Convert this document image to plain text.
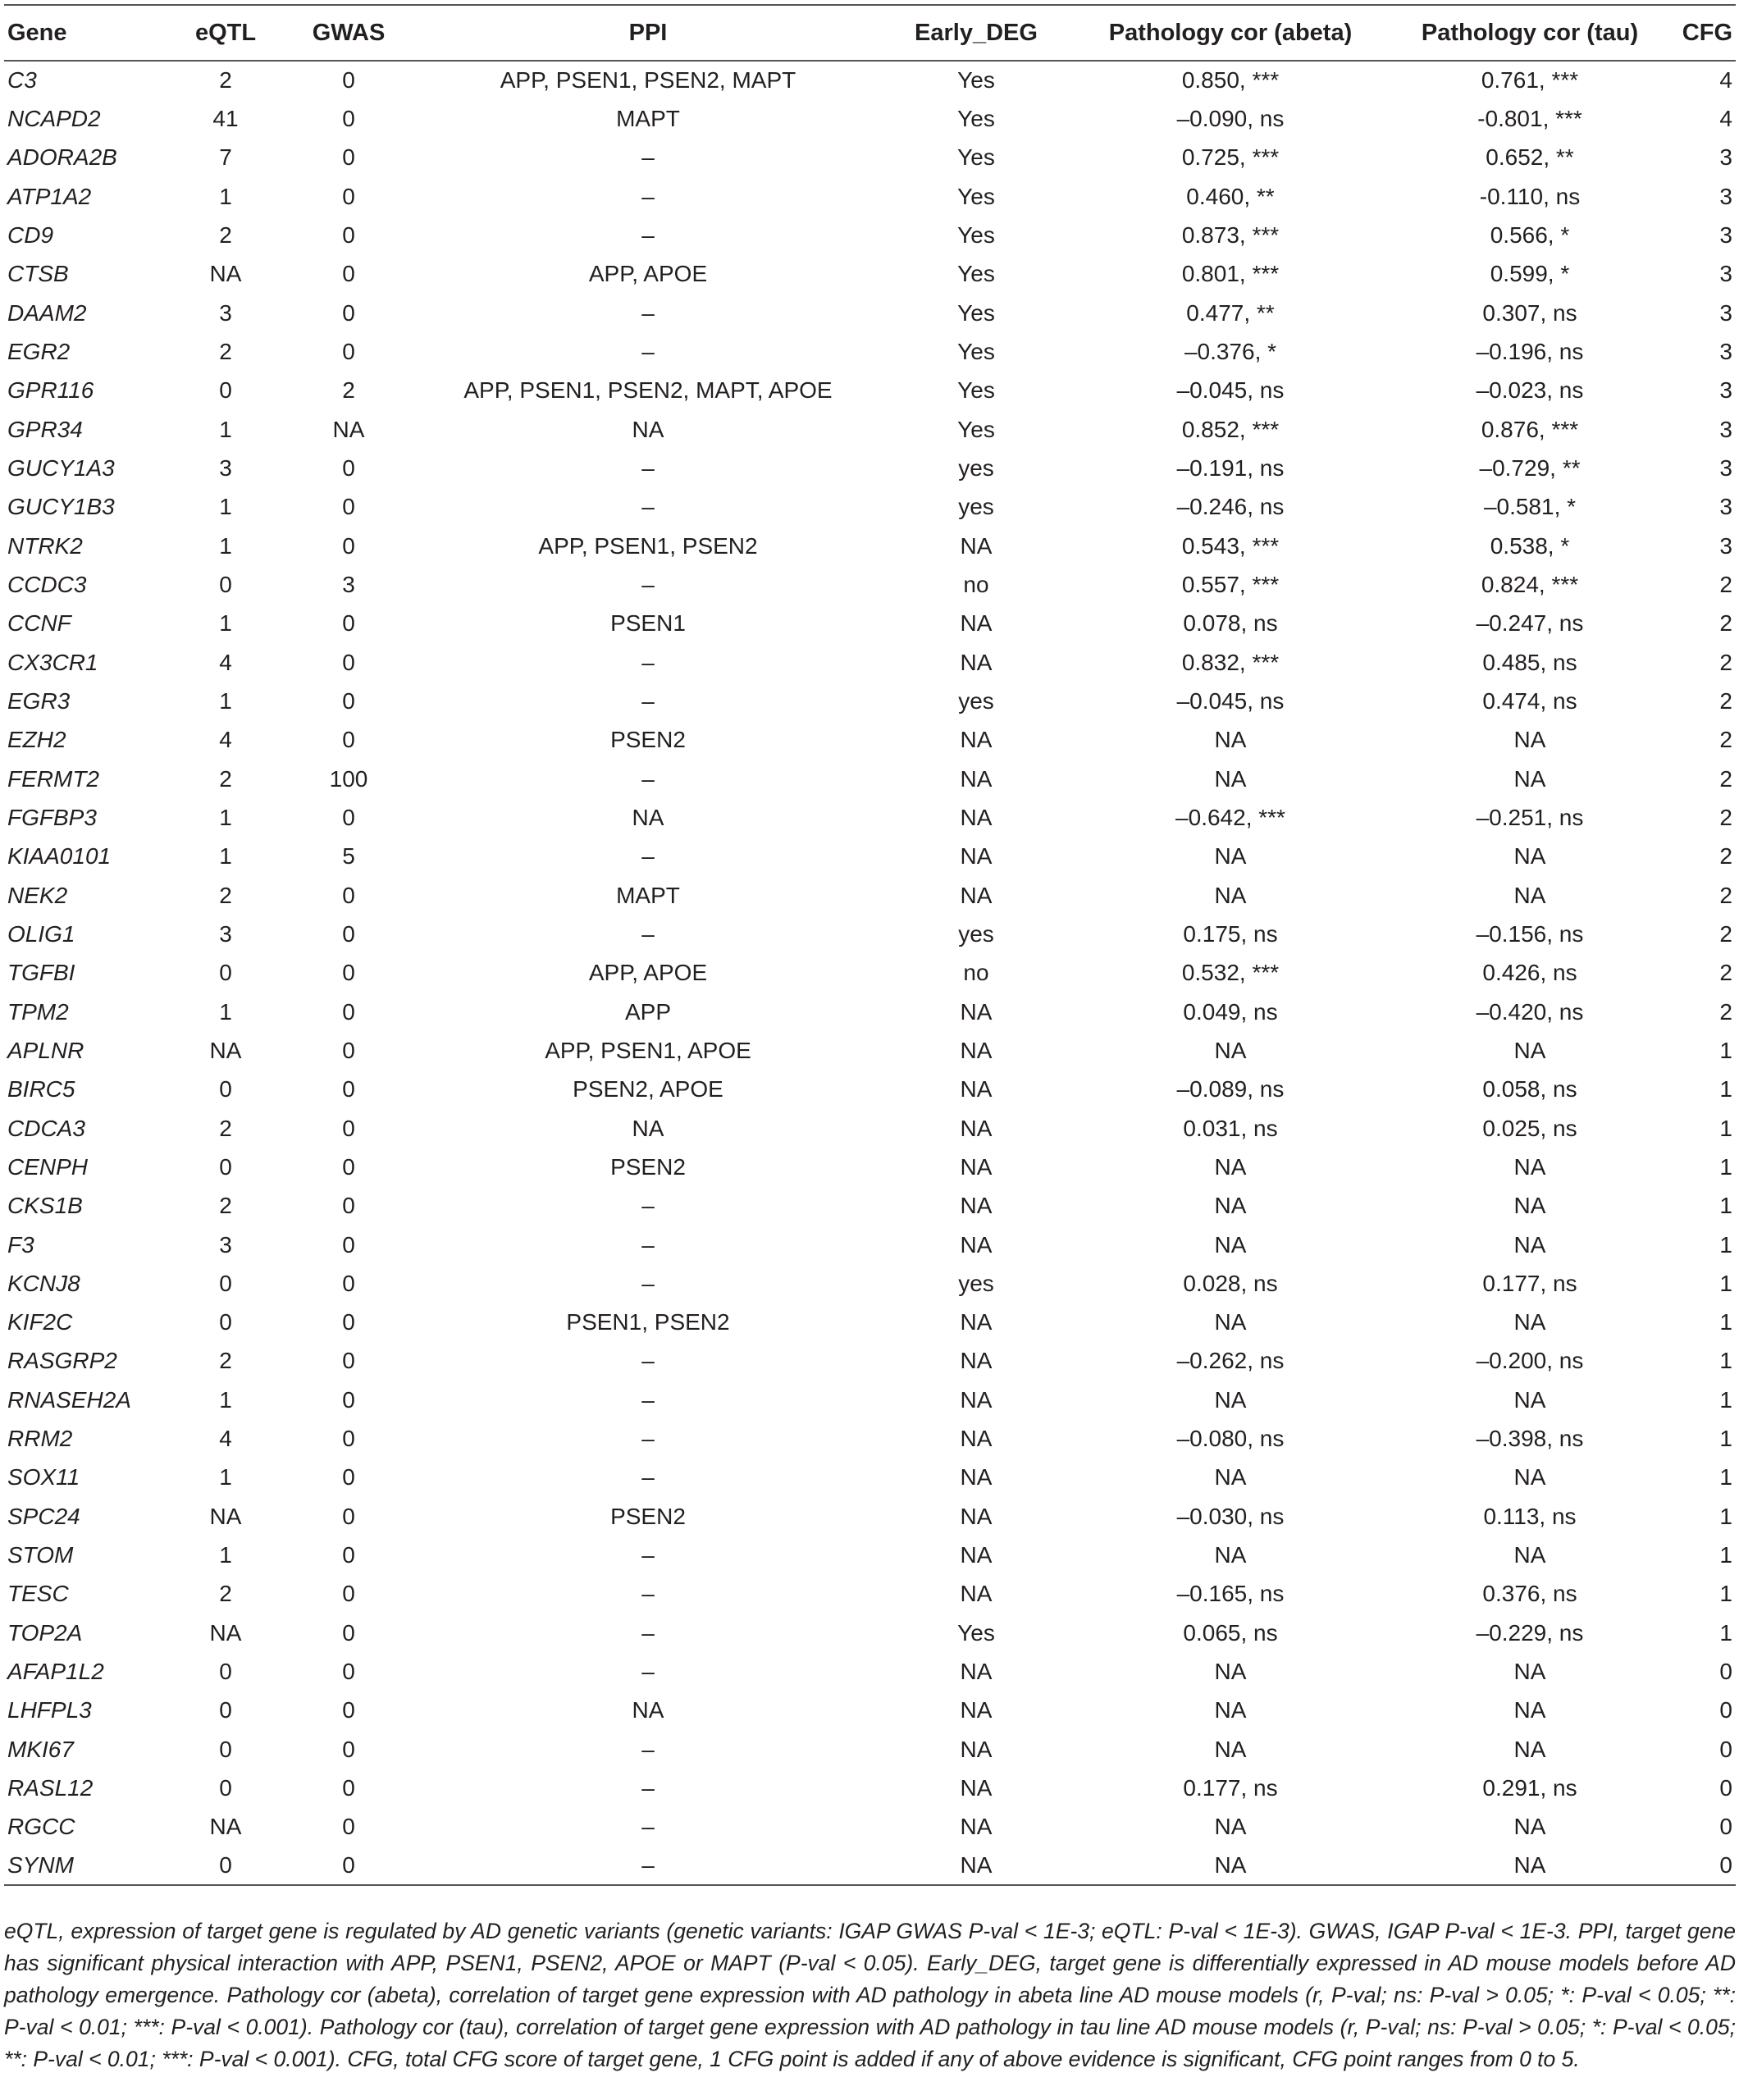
Gene	eQTL	GWAS	PPI	Early_DEG	Pathology cor (abeta)	Pathology cor (tau)	CFG
C3	2	0	APP, PSEN1, PSEN2, MAPT	Yes	0.850, ***	0.761, ***	4
NCAPD2	41	0	MAPT	Yes	–0.090, ns	-0.801, ***	4
ADORA2B	7	0	–	Yes	0.725, ***	0.652, **	3
ATP1A2	1	0	–	Yes	0.460, **	-0.110, ns	3
CD9	2	0	–	Yes	0.873, ***	0.566, *	3
CTSB	NA	0	APP, APOE	Yes	0.801, ***	0.599, *	3
DAAM2	3	0	–	Yes	0.477, **	0.307, ns	3
EGR2	2	0	–	Yes	–0.376, *	–0.196, ns	3
GPR116	0	2	APP, PSEN1, PSEN2, MAPT, APOE	Yes	–0.045, ns	–0.023, ns	3
GPR34	1	NA	NA	Yes	0.852, ***	0.876, ***	3
GUCY1A3	3	0	–	yes	–0.191, ns	–0.729, **	3
GUCY1B3	1	0	–	yes	–0.246, ns	–0.581, *	3
NTRK2	1	0	APP, PSEN1, PSEN2	NA	0.543, ***	0.538, *	3
CCDC3	0	3	–	no	0.557, ***	0.824, ***	2
CCNF	1	0	PSEN1	NA	0.078, ns	–0.247, ns	2
CX3CR1	4	0	–	NA	0.832, ***	0.485, ns	2
EGR3	1	0	–	yes	–0.045, ns	0.474, ns	2
EZH2	4	0	PSEN2	NA	NA	NA	2
FERMT2	2	100	–	NA	NA	NA	2
FGFBP3	1	0	NA	NA	–0.642, ***	–0.251, ns	2
KIAA0101	1	5	–	NA	NA	NA	2
NEK2	2	0	MAPT	NA	NA	NA	2
OLIG1	3	0	–	yes	0.175, ns	–0.156, ns	2
TGFBI	0	0	APP, APOE	no	0.532, ***	0.426, ns	2
TPM2	1	0	APP	NA	0.049, ns	–0.420, ns	2
APLNR	NA	0	APP, PSEN1, APOE	NA	NA	NA	1
BIRC5	0	0	PSEN2, APOE	NA	–0.089, ns	0.058, ns	1
CDCA3	2	0	NA	NA	0.031, ns	0.025, ns	1
CENPH	0	0	PSEN2	NA	NA	NA	1
CKS1B	2	0	–	NA	NA	NA	1
F3	3	0	–	NA	NA	NA	1
KCNJ8	0	0	–	yes	0.028, ns	0.177, ns	1
KIF2C	0	0	PSEN1, PSEN2	NA	NA	NA	1
RASGRP2	2	0	–	NA	–0.262, ns	–0.200, ns	1
RNASEH2A	1	0	–	NA	NA	NA	1
RRM2	4	0	–	NA	–0.080, ns	–0.398, ns	1
SOX11	1	0	–	NA	NA	NA	1
SPC24	NA	0	PSEN2	NA	–0.030, ns	0.113, ns	1
STOM	1	0	–	NA	NA	NA	1
TESC	2	0	–	NA	–0.165, ns	0.376, ns	1
TOP2A	NA	0	–	Yes	0.065, ns	–0.229, ns	1
AFAP1L2	0	0	–	NA	NA	NA	0
LHFPL3	0	0	NA	NA	NA	NA	0
MKI67	0	0	–	NA	NA	NA	0
RASL12	0	0	–	NA	0.177, ns	0.291, ns	0
RGCC	NA	0	–	NA	NA	NA	0
SYNM	0	0	–	NA	NA	NA	0
eQTL, expression of target gene is regulated by AD genetic variants (genetic variants: IGAP GWAS P-val < 1E-3; eQTL: P-val < 1E-3). GWAS, IGAP P-val < 1E-3. PPI, target gene has significant physical interaction with APP, PSEN1, PSEN2, APOE or MAPT (P-val < 0.05). Early_DEG, target gene is differentially expressed in AD mouse models before AD pathology emergence. Pathology cor (abeta), correlation of target gene expression with AD pathology in abeta line AD mouse models (r, P-val; ns: P-val > 0.05; *: P-val < 0.05; **: P-val < 0.01; ***: P-val < 0.001). Pathology cor (tau), correlation of target gene expression with AD pathology in tau line AD mouse models (r, P-val; ns: P-val > 0.05; *: P-val < 0.05; **: P-val < 0.01; ***: P-val < 0.001). CFG, total CFG score of target gene, 1 CFG point is added if any of above evidence is significant, CFG point ranges from 0 to 5.
